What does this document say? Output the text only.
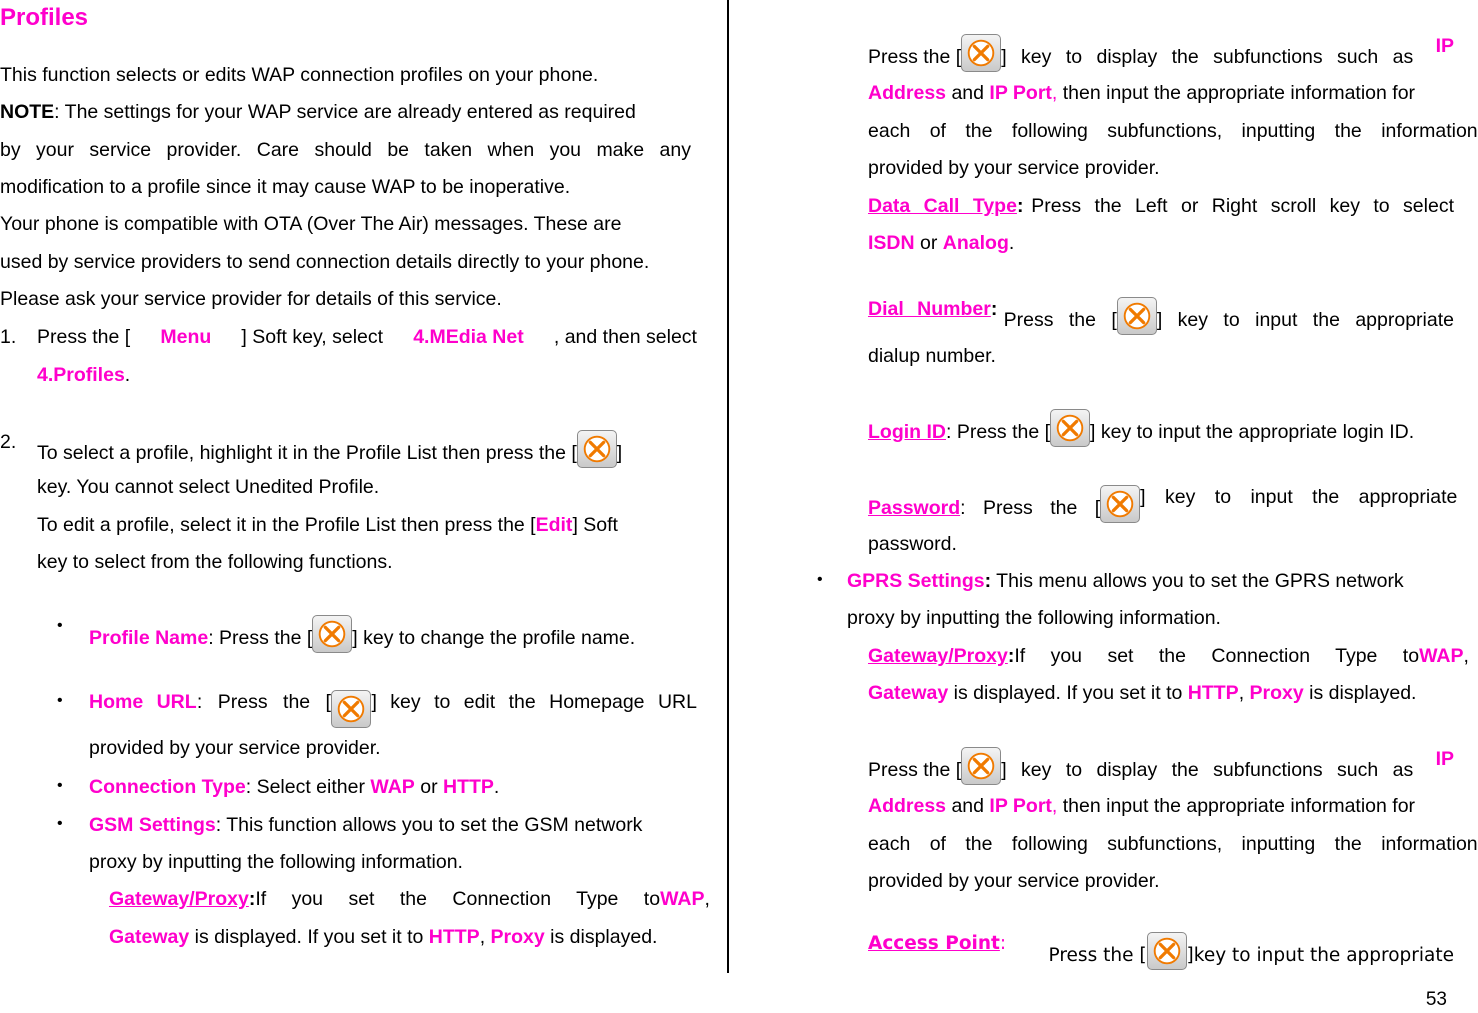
Profiles
This function selects or edits WAP connection profiles on your phone.
NOTE: The settings for your WAP service are already entered as required
by your service provider. Care should be taken when you make any
modification to a profile since it may cause WAP to be inoperative.
Your phone is compatible with OTA (Over The Air) messages. These are
used by service providers to send connection details directly to your phone.
Please ask your service provider for details of this service.
1. Press the [ Menu ] Soft key, select 4.MEdia Net , and then select
4.Profiles.
2. To select a profile, highlight it in the Profile List then press the [ ]
key. You cannot select Unedited Profile.
To edit a profile, select it in the Profile List then press the [Edit] Soft
key to select from the following functions.
•
Profile Name: Press the [ ] key to change the profile name.
• Home URL : Press the [ ] key to edit the Homepage URL
provided by your service provider.
• Connection Type: Select either WAP or HTTP.
• GSM Settings: This function allows you to set the GSM network
proxy by inputting the following information.
Gateway/Proxy: If you set the Connection Type to WAP,
Gateway is displayed. If you set it to HTTP, Proxy is displayed.
Press the [ ] key to display the subfunctions such as IP
Address and IP Port, then input the appropriate information for
each of the following subfunctions, inputting the information
provided by your service provider.
Data Call Type: Press the Left or Right scroll key to select
ISDN or Analog.
Dial Number: Press the [ ] key to input the appropriate
dialup number.
Login ID: Press the [ ] key to input the appropriate login ID.
Password: Press the [	] key to input the appropriate
password.
• GPRS Settings: This menu allows you to set the GPRS network
proxy by inputting the following information.
Gateway/Proxy: If you set the Connection Type to WAP,
Gateway is displayed. If you set it to HTTP, Proxy is displayed.
Press the [ ] key to display the subfunctions such as IP
Address and IP Port, then input the appropriate information for
each of the following subfunctions, inputting the information
provided by your service provider.
Access Point:
Press the [ ]key to input the appropriate
53
